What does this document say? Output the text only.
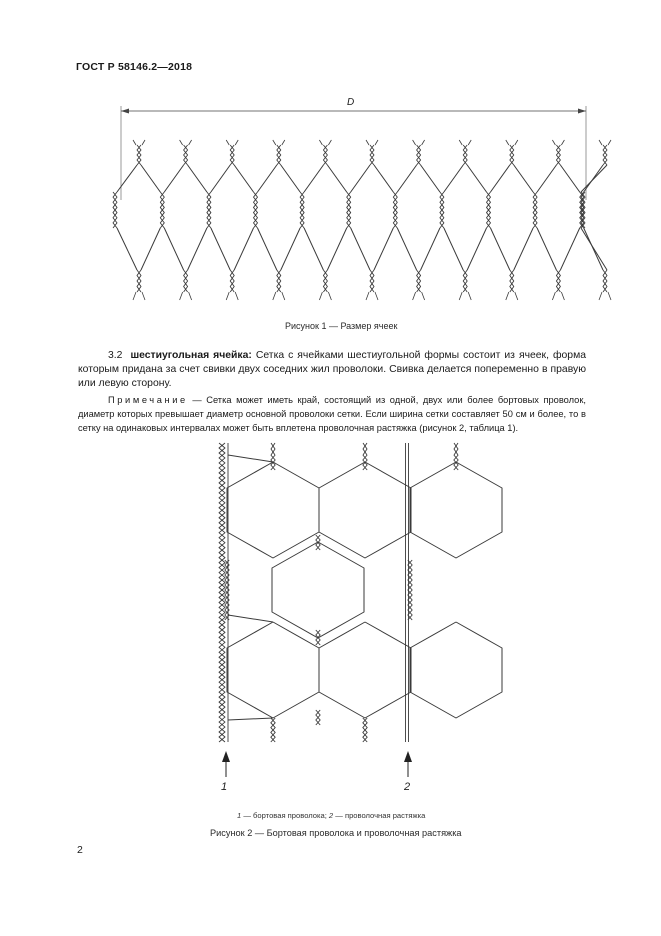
ГОСТ Р 58146.2—2018
D
Рисунок 1 — Размер ячеек
3.2 шестиугольная ячейка: Сетка с ячейками шестиугольной формы состоит из ячеек, форма которым придана за счет свивки двух соседних жил проволоки. Свивка делается попеременно в правую или левую сторону.
Примечание — Сетка может иметь край, состоящий из одной, двух или более бортовых проволок, диаметр которых превышает диаметр основной проволоки сетки. Если ширина сетки составляет 50 см и более, то в сетку на одинаковых интервалах может быть вплетена проволочная растяжка (рисунок 2, таблица 1).
1	2
1 — бортовая проволока; 2 — проволочная растяжка
Рисунок 2 — Бортовая проволока и проволочная растяжка
2
